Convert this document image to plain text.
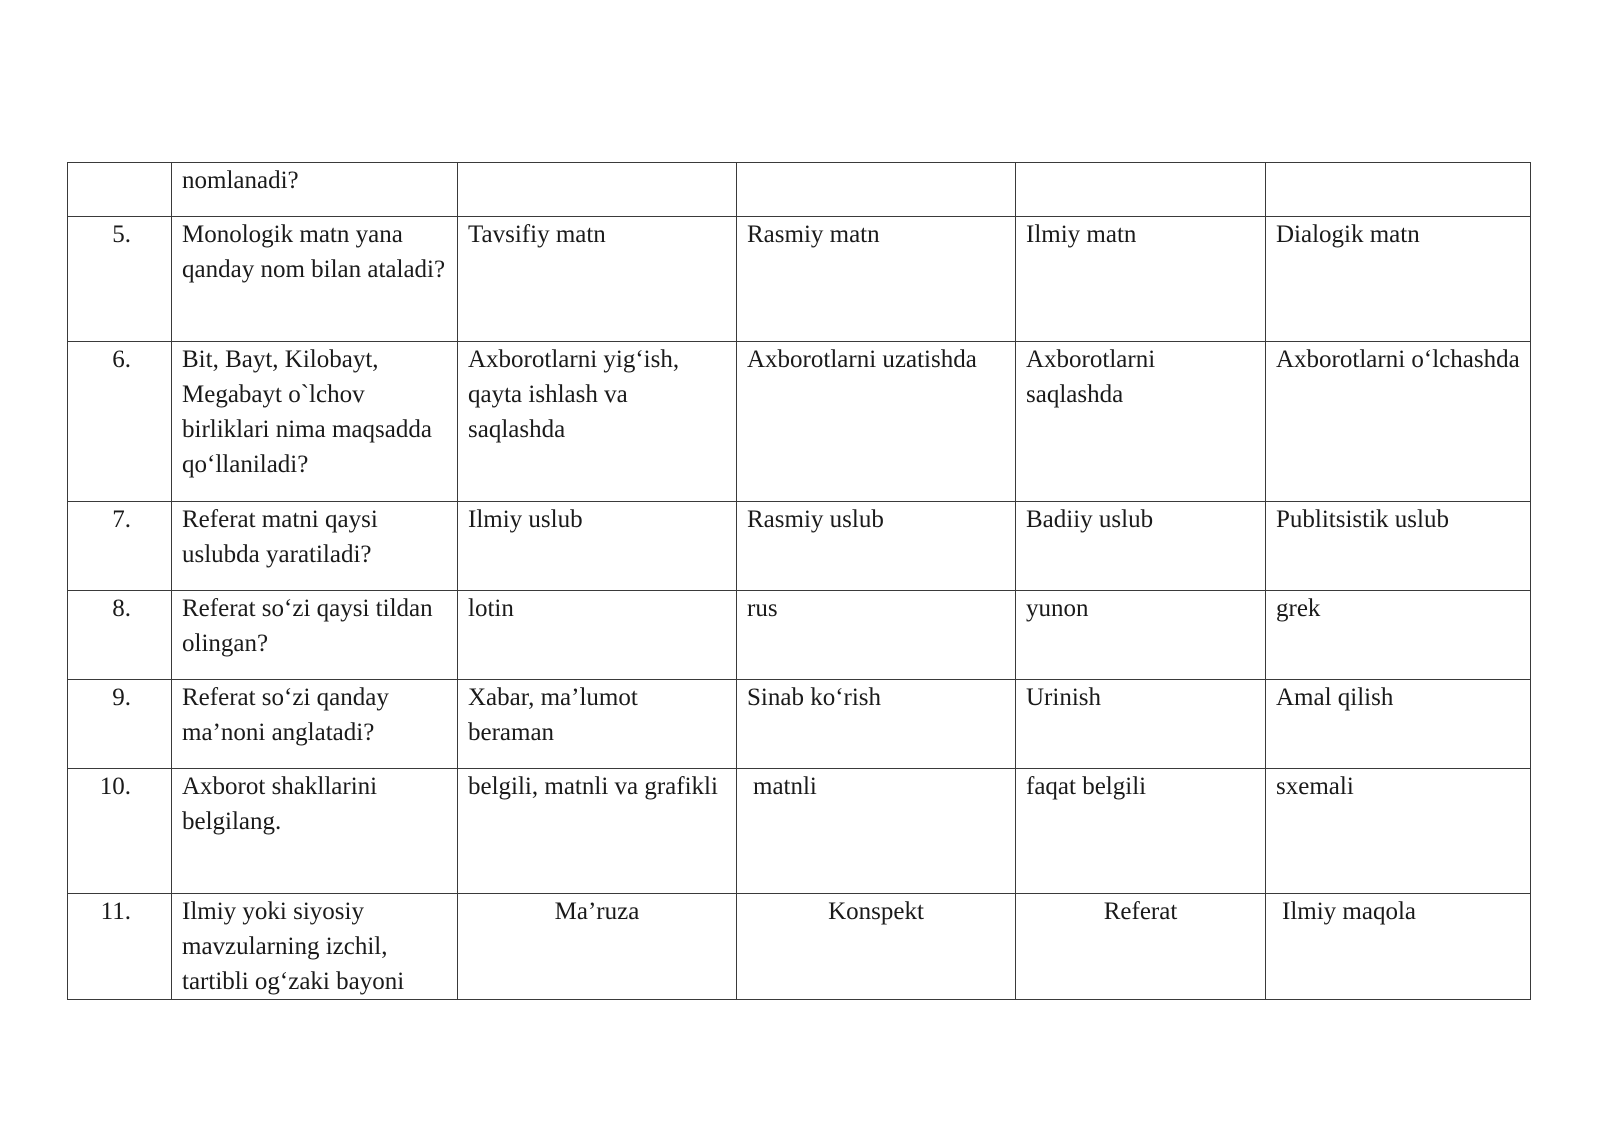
	nomlanadi?				

5.	Monologik matn yana qanday nom bilan ataladi?	Tavsifiy matn	Rasmiy matn	Ilmiy matn	Dialogik matn

6.	Bit, Bayt, Kilobayt, Megabayt o`lchov birliklari nima maqsadda qo‘llaniladi?	Axborotlarni yig‘ish, qayta ishlash va saqlashda	Axborotlarni uzatishda	Axborotlarni saqlashda	Axborotlarni o‘lchashda

7.	Referat matni qaysi uslubda yaratiladi?	Ilmiy uslub	Rasmiy uslub	Badiiy uslub	Publitsistik uslub

8.	Referat so‘zi qaysi tildan olingan?	lotin	rus	yunon	grek

9.	Referat so‘zi qanday ma’noni anglatadi?	Xabar, ma’lumot beraman	Sinab ko‘rish	Urinish	Amal qilish

10.	Axborot shakllarini belgilang.	belgili, matnli va grafikli	matnli	faqat belgili	sxemali

11.	Ilmiy yoki siyosiy mavzularning izchil, tartibli og‘zaki bayoni	Ma’ruza	Konspekt	Referat	Ilmiy maqola
